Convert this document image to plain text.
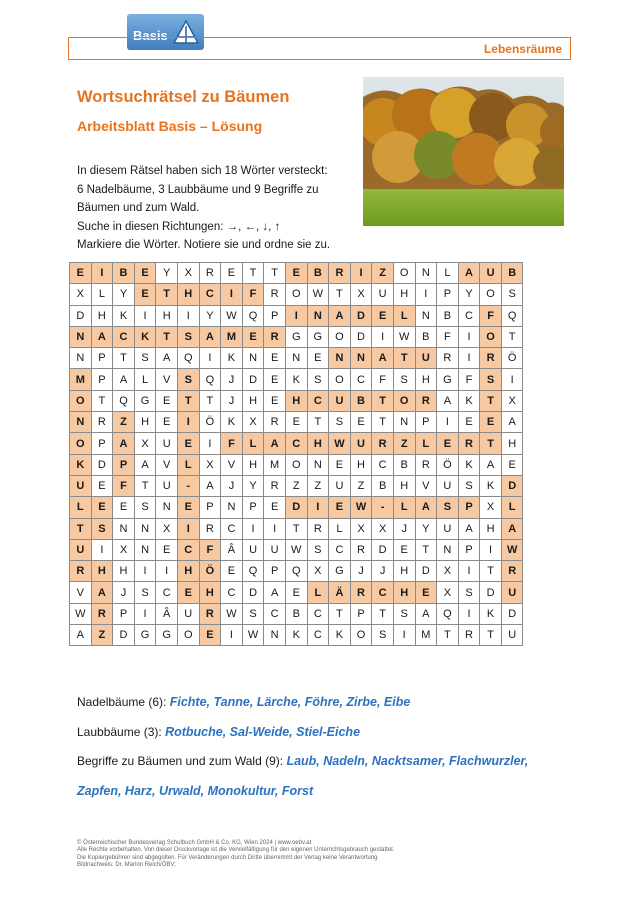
Basis
Lebensräume
Wortsuchrätsel zu Bäumen
Arbeitsblatt Basis – Lösung
In diesem Rätsel haben sich 18 Wörter versteckt:
6 Nadelbäume, 3 Laubbäume und 9 Begriffe zu
Bäumen und zum Wald.
Suche in diesen Richtungen: →, ←, ↓, ↑
Markiere die Wörter. Notiere sie und ordne sie zu.
E	I	B	E	Y	X	R	E	T	T	E	B	R	I	Z	O	N	L	A	U	B
X	L	Y	E	T	H	C	I	F	R	O	W	T	X	U	H	I	P	Y	O	S
D	H	K	I	H	I	Y	W	Q	P	I	N	A	D	E	L	N	B	C	F	Q
N	A	C	K	T	S	A	M	E	R	G	G	O	D	I	W	B	F	I	O	T
N	P	T	S	A	Q	I	K	N	E	N	E	N	N	A	T	U	R	I	R	Ö
M	P	A	L	V	S	Q	J	D	E	K	S	O	C	F	S	H	G	F	S	I
O	T	Q	G	E	T	T	J	H	E	H	C	U	B	T	O	R	A	K	T	X
N	R	Z	H	E	I	Ö	K	X	R	E	T	S	E	T	N	P	I	E	E	A
O	P	A	X	U	E	I	F	L	A	C	H	W	U	R	Z	L	E	R	T	H
K	D	P	A	V	L	X	V	H	M	O	N	E	H	C	B	R	Ö	K	A	E
U	E	F	T	U	-	A	J	Y	R	Z	Z	U	Z	B	H	V	U	S	K	D
L	E	E	S	N	E	P	N	P	E	D	I	E	W	-	L	A	S	P	X	L
T	S	N	N	X	I	R	C	I	I	T	R	L	X	X	J	Y	U	A	H	A
U	I	X	N	E	C	F	Â	U	U	W	S	C	R	D	E	T	N	P	I	W
R	H	H	I	I	H	Ö	E	Q	P	Q	X	G	J	J	H	D	X	I	T	R
V	A	J	S	C	E	H	C	D	A	E	L	Ä	R	C	H	E	X	S	D	U
W	R	P	I	Â	U	R	W	S	C	B	C	T	P	T	S	A	Q	I	K	D
A	Z	D	G	G	O	E	I	W	N	K	C	K	O	S	I	M	T	R	T	U
Nadelbäume (6): Fichte, Tanne, Lärche, Föhre, Zirbe, Eibe
Laubbäume (3): Rotbuche, Sal-Weide, Stiel-Eiche
Begriffe zu Bäumen und zum Wald (9): Laub, Nadeln, Nacktsamer, Flachwurzler,
Zapfen, Harz, Urwald, Monokultur, Forst
© Österreichischer Bundesverlag Schulbuch GmbH & Co. KG, Wien 2024 | www.oebv.at
Alle Rechte vorbehalten. Von dieser Druckvorlage ist die Vervielfältigung für den eigenen Unterrichtsgebrauch gestattet.
Die Kopiergebühren sind abgegolten. Für Veränderungen durch Dritte übernimmt der Verlag keine Verantwortung
Bildnachweis: Dr. Marion Reich/ÖBV;
